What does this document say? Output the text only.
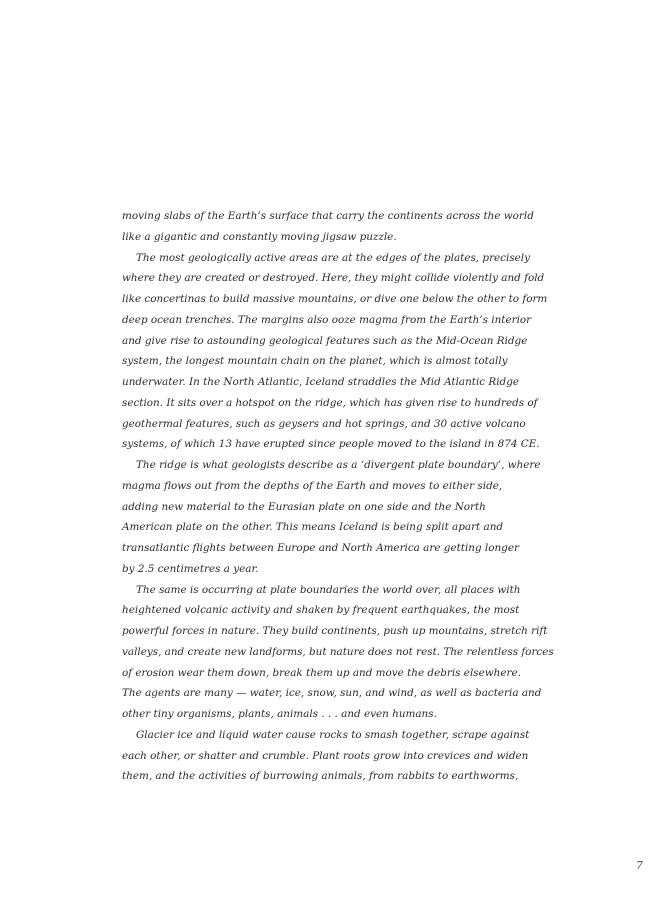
moving slabs of the Earth’s surface that carry the continents across the world
like a gigantic and constantly moving jigsaw puzzle.
The most geologically active areas are at the edges of the plates, precisely
where they are created or destroyed. Here, they might collide violently and fold
like concertinas to build massive mountains, or dive one below the other to form
deep ocean trenches. The margins also ooze magma from the Earth’s interior
and give rise to astounding geological features such as the Mid-Ocean Ridge
system, the longest mountain chain on the planet, which is almost totally
underwater. In the North Atlantic, Iceland straddles the Mid Atlantic Ridge
section. It sits over a hotspot on the ridge, which has given rise to hundreds of
geothermal features, such as geysers and hot springs, and 30 active volcano
systems, of which 13 have erupted since people moved to the island in 874 CE.
The ridge is what geologists describe as a ‘divergent plate boundary’, where
magma flows out from the depths of the Earth and moves to either side,
adding new material to the Eurasian plate on one side and the North
American plate on the other. This means Iceland is being split apart and
transatlantic flights between Europe and North America are getting longer
by 2.5 centimetres a year.
The same is occurring at plate boundaries the world over, all places with
heightened volcanic activity and shaken by frequent earthquakes, the most
powerful forces in nature. They build continents, push up mountains, stretch rift
valleys, and create new landforms, but nature does not rest. The relentless forces
of erosion wear them down, break them up and move the debris elsewhere.
The agents are many — water, ice, snow, sun, and wind, as well as bacteria and
other tiny organisms, plants, animals . . . and even humans.
Glacier ice and liquid water cause rocks to smash together, scrape against
each other, or shatter and crumble. Plant roots grow into crevices and widen
them, and the activities of burrowing animals, from rabbits to earthworms,
7
